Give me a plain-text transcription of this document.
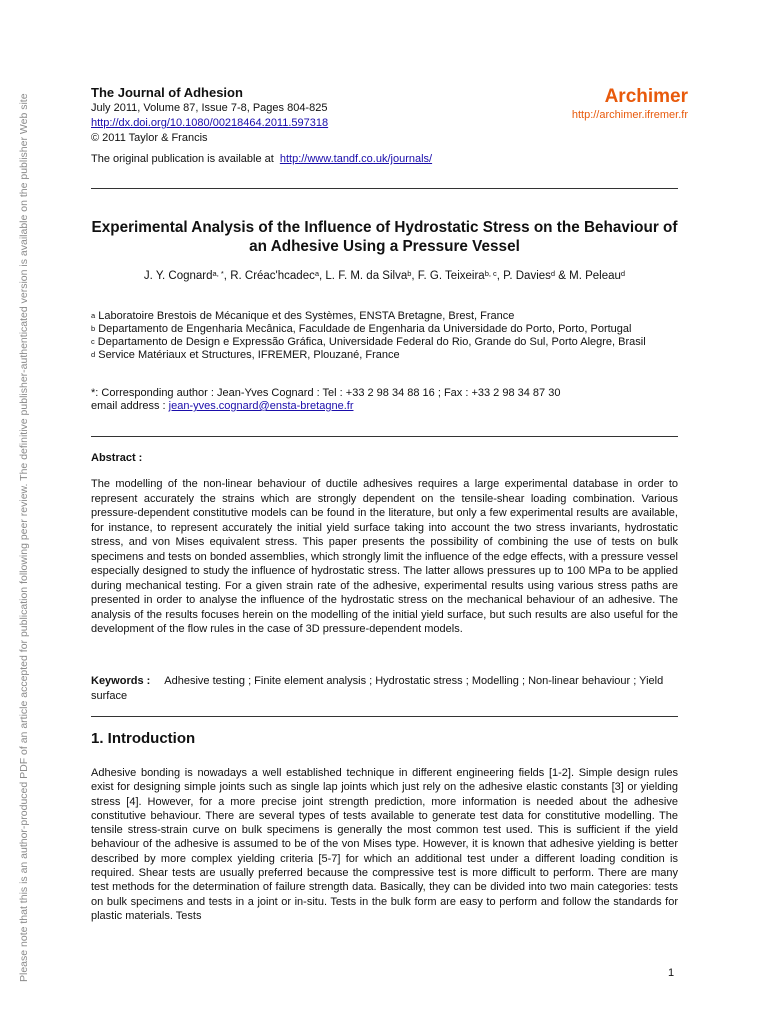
Please note that this is an author-produced PDF of an article accepted for publication following peer review. The definitive publisher-authenticated version is available on the publisher Web site
The Journal of Adhesion
July 2011, Volume 87, Issue 7-8, Pages 804-825
http://dx.doi.org/10.1080/00218464.2011.597318
© 2011 Taylor & Francis
Archimer
http://archimer.ifremer.fr
The original publication is available at http://www.tandf.co.uk/journals/
Experimental Analysis of the Influence of Hydrostatic Stress on the Behaviour of an Adhesive Using a Pressure Vessel
J. Y. Cognard$^{a, *}$, R. Créac'hcadec$^a$, L. F. M. da Silva$^b$, F. G. Teixeira$^{b, c}$, P. Davies$^d$ & M. Peleau$^d$

$^a$ Laboratoire Brestois de Mécanique et des Systèmes, ENSTA Bretagne, Brest, France

$^b$ Departamento de Engenharia Mecânica, Faculdade de Engenharia da Universidade do Porto, Porto, Portugal

$^c$ Departamento de Design e Expressão Gráfica, Universidade Federal do Rio, Grande do Sul, Porto Alegre, Brasil

$^d$ Service Matériaux et Structures, IFREMER, Plouzané, France

*: Corresponding author : Jean-Yves Cognard : Tel : +33 2 98 34 88 16 ; Fax : +33 2 98 34 87 30
email address : jean-yves.cognard@ensta-bretagne.fr
Abstract :

The modelling of the non-linear behaviour of ductile adhesives requires a large experimental database in order to represent accurately the strains which are strongly dependent on the tensile-shear loading combination. Various pressure-dependent constitutive models can be found in the literature, but only a few experimental results are available, for instance, to represent accurately the initial yield surface taking into account the two stress invariants, hydrostatic stress, and von Mises equivalent stress. This paper presents the possibility of combining the use of tests on bulk specimens and tests on bonded assemblies, which strongly limit the influence of the edge effects, with a pressure vessel especially designed to study the influence of hydrostatic stress. The latter allows pressures up to 100 MPa to be applied during mechanical testing. For a given strain rate of the adhesive, experimental results using various stress paths are presented in order to analyse the influence of the hydrostatic stress on the mechanical behaviour of an adhesive. The analysis of the results focuses herein on the modelling of the initial yield surface, but such results are also useful for the development of the flow rules in the case of 3D pressure-dependent models.

Keywords : Adhesive testing ; Finite element analysis ; Hydrostatic stress ; Modelling ; Non-linear behaviour ; Yield surface

1. Introduction

Adhesive bonding is nowadays a well established technique in different engineering fields [1-2]. Simple design rules exist for designing simple joints such as single lap joints which just rely on the adhesive elastic constants [3] or yielding stress [4]. However, for a more precise joint strength prediction, more information is needed about the adhesive constitutive behaviour. There are several types of tests available to generate test data for constitutive modelling. The tensile stress-strain curve on bulk specimens is generally the most common test used. This is sufficient if the yield behaviour of the adhesive is assumed to be of the von Mises type. However, it is known that adhesive yielding is better described by more complex yielding criteria [5-7] for which an additional test under a different loading condition is required. Shear tests are usually preferred because the compressive test is more difficult to perform. There are many test methods for the determination of failure strength data. Basically, they can be divided into two main categories: tests on bulk specimens and tests in a joint or in-situ. Tests in the bulk form are easy to perform and follow the standards for plastic materials. Tests

1
